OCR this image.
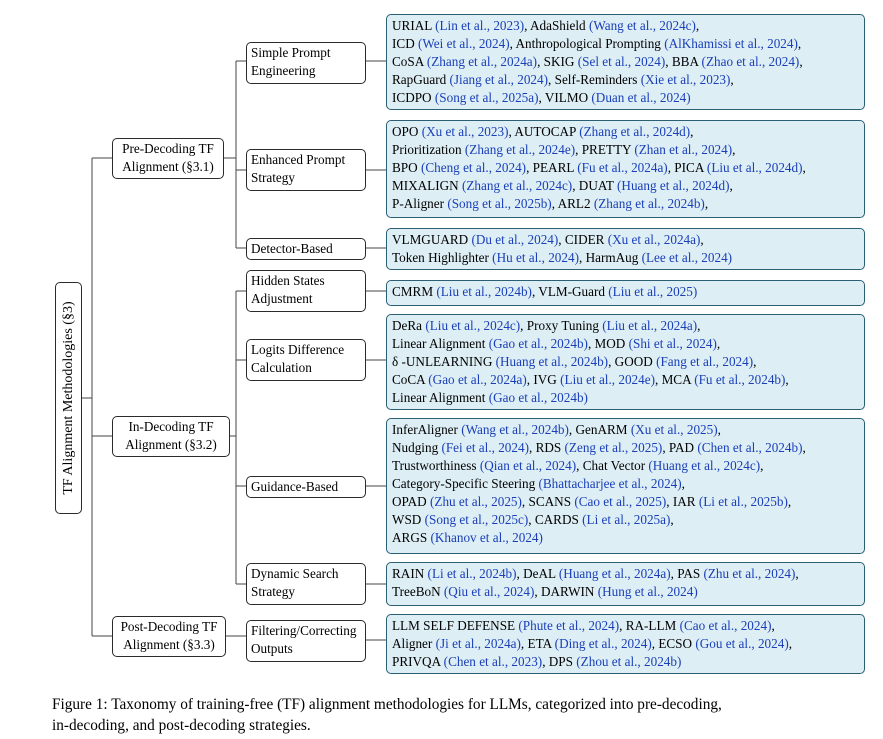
TF Alignment Methodologies (§3)
Pre-Decoding TF
Alignment (§3.1)
In-Decoding TF
Alignment (§3.2)
Post-Decoding TF
Alignment (§3.3)
Simple Prompt
Engineering
Enhanced Prompt
Strategy
Detector-Based
Hidden States
Adjustment
Logits Difference
Calculation
Guidance-Based
Dynamic Search
Strategy
Filtering/Correcting
Outputs
URIAL (Lin et al., 2023), AdaShield (Wang et al., 2024c),
ICD (Wei et al., 2024), Anthropological Prompting (AlKhamissi et al., 2024),
CoSA (Zhang et al., 2024a), SKIG (Sel et al., 2024), BBA (Zhao et al., 2024),
RapGuard (Jiang et al., 2024), Self-Reminders (Xie et al., 2023),
ICDPO (Song et al., 2025a), VILMO (Duan et al., 2024)
OPO (Xu et al., 2023), AUTOCAP (Zhang et al., 2024d),
Prioritization (Zhang et al., 2024e), PRETTY (Zhan et al., 2024),
BPO (Cheng et al., 2024), PEARL (Fu et al., 2024a), PICA (Liu et al., 2024d),
MIXALIGN (Zhang et al., 2024c), DUAT (Huang et al., 2024d),
P-Aligner (Song et al., 2025b), ARL2 (Zhang et al., 2024b),
VLMGUARD (Du et al., 2024), CIDER (Xu et al., 2024a),
Token Highlighter (Hu et al., 2024), HarmAug (Lee et al., 2024)
CMRM (Liu et al., 2024b), VLM-Guard (Liu et al., 2025)
DeRa (Liu et al., 2024c), Proxy Tuning (Liu et al., 2024a),
Linear Alignment (Gao et al., 2024b), MOD (Shi et al., 2024),
δ -UNLEARNING (Huang et al., 2024b), GOOD (Fang et al., 2024),
CoCA (Gao et al., 2024a), IVG (Liu et al., 2024e), MCA (Fu et al., 2024b),
Linear Alignment (Gao et al., 2024b)
InferAligner (Wang et al., 2024b), GenARM (Xu et al., 2025),
Nudging (Fei et al., 2024), RDS (Zeng et al., 2025), PAD (Chen et al., 2024b),
Trustworthiness (Qian et al., 2024), Chat Vector (Huang et al., 2024c),
Category-Specific Steering (Bhattacharjee et al., 2024),
OPAD (Zhu et al., 2025), SCANS (Cao et al., 2025), IAR (Li et al., 2025b),
WSD (Song et al., 2025c), CARDS (Li et al., 2025a),
ARGS (Khanov et al., 2024)
RAIN (Li et al., 2024b), DeAL (Huang et al., 2024a), PAS (Zhu et al., 2024),
TreeBoN (Qiu et al., 2024), DARWIN (Hung et al., 2024)
LLM SELF DEFENSE (Phute et al., 2024), RA-LLM (Cao et al., 2024),
Aligner (Ji et al., 2024a), ETA (Ding et al., 2024), ECSO (Gou et al., 2024),
PRIVQA (Chen et al., 2023), DPS (Zhou et al., 2024b)
Figure 1: Taxonomy of training-free (TF) alignment methodologies for LLMs, categorized into pre-decoding,
in-decoding, and post-decoding strategies.
